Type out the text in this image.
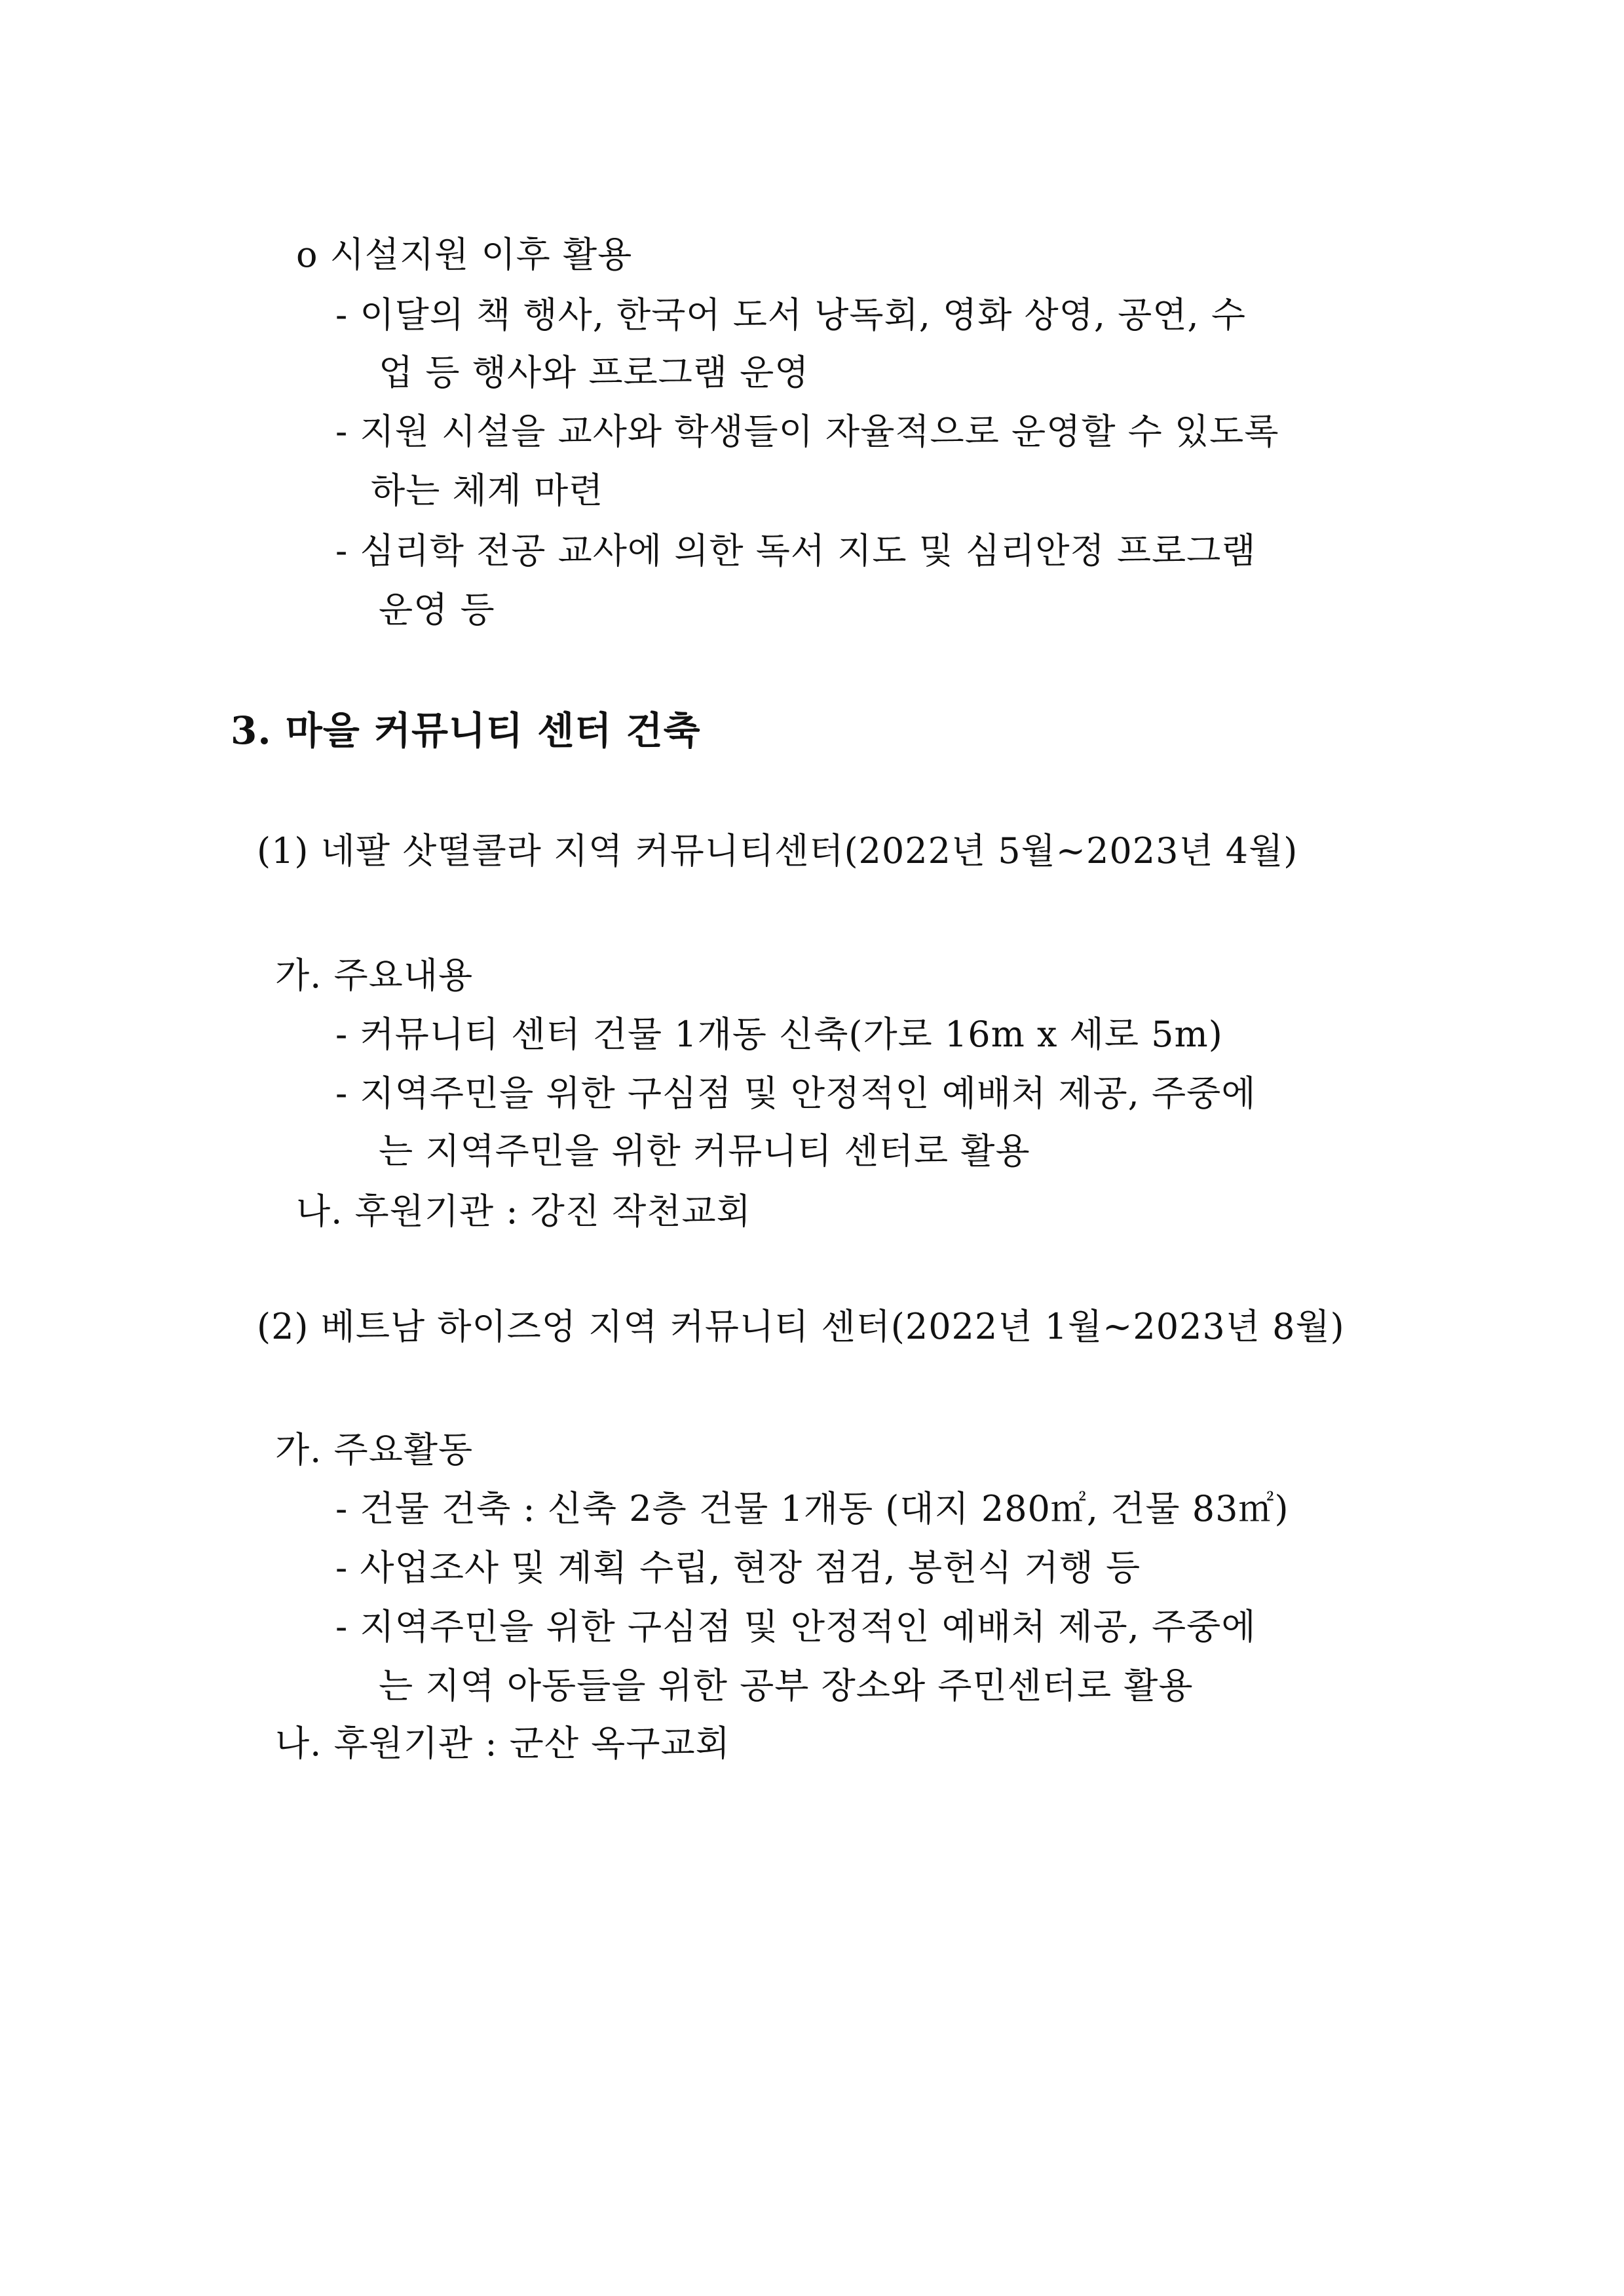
o 시설지원 이후 활용
- 이달의 책 행사, 한국어 도서 낭독회, 영화 상영, 공연, 수
업 등 행사와 프로그램 운영
- 지원 시설을 교사와 학생들이 자율적으로 운영할 수 있도록
하는 체계 마련
- 심리학 전공 교사에 의한 독서 지도 및 심리안정 프로그램
운영 등
3. 마을 커뮤니티 센터 건축
(1) 네팔 삿떨콜라 지역 커뮤니티센터(2022년 5월~2023년 4월)
가. 주요내용
- 커뮤니티 센터 건물 1개동 신축(가로 16m x 세로 5m)
- 지역주민을 위한 구심점 및 안정적인 예배처 제공, 주중에
는 지역주민을 위한 커뮤니티 센터로 활용
나. 후원기관 : 강진 작천교회
(2) 베트남 하이즈엉 지역 커뮤니티 센터(2022년 1월~2023년 8월)
가. 주요활동
- 건물 건축 : 신축 2층 건물 1개동 (대지 280㎡, 건물 83㎡)
- 사업조사 및 계획 수립, 현장 점검, 봉헌식 거행 등
- 지역주민을 위한 구심점 및 안정적인 예배처 제공, 주중에
는 지역 아동들을 위한 공부 장소와 주민센터로 활용
나. 후원기관 : 군산 옥구교회
